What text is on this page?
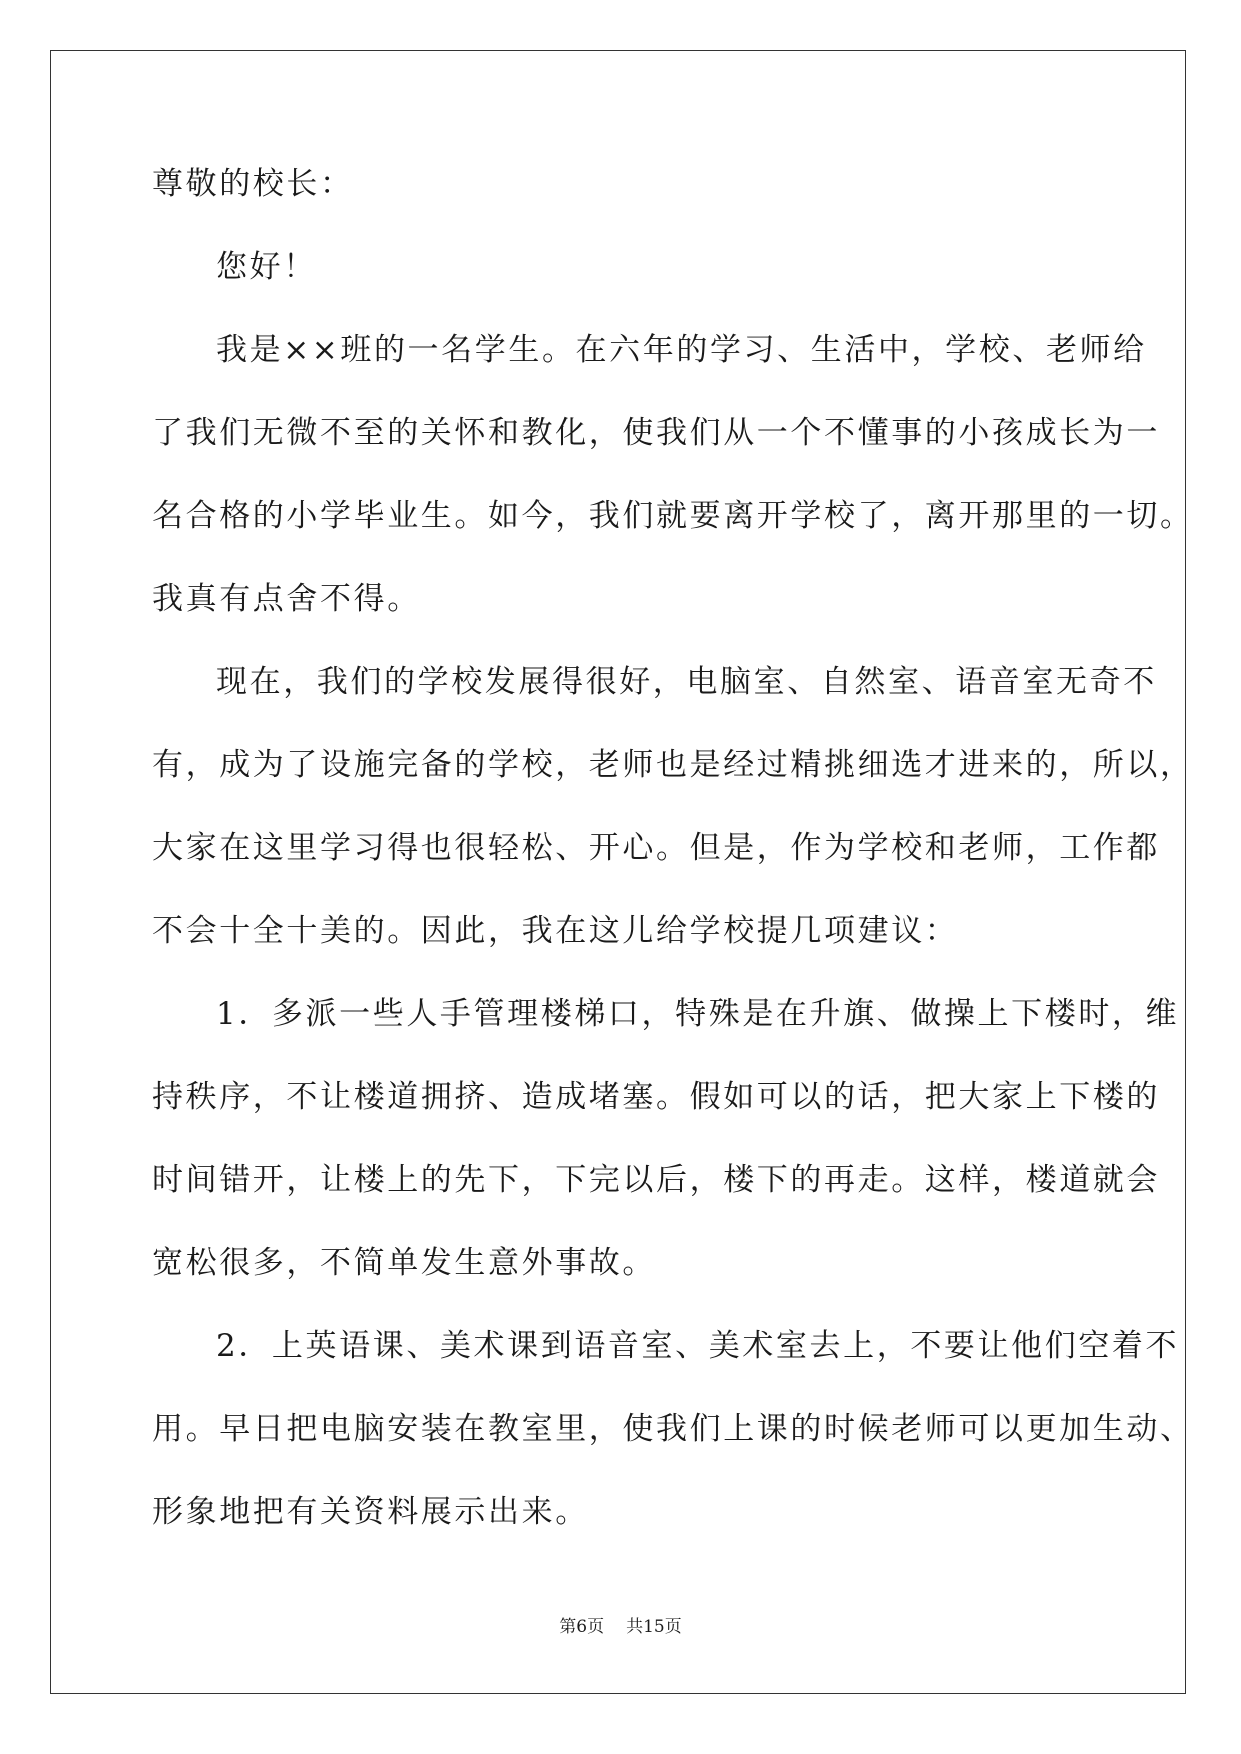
尊敬的校长：

您好！

我是××班的一名学生。在六年的学习、生活中，学校、老师给

了我们无微不至的关怀和教化，使我们从一个不懂事的小孩成长为一

名合格的小学毕业生。如今，我们就要离开学校了，离开那里的一切。

我真有点舍不得。

现在，我们的学校发展得很好，电脑室、自然室、语音室无奇不

有，成为了设施完备的学校，老师也是经过精挑细选才进来的，所以，

大家在这里学习得也很轻松、开心。但是，作为学校和老师，工作都

不会十全十美的。因此，我在这儿给学校提几项建议：

1．多派一些人手管理楼梯口，特殊是在升旗、做操上下楼时，维

持秩序，不让楼道拥挤、造成堵塞。假如可以的话，把大家上下楼的

时间错开，让楼上的先下，下完以后，楼下的再走。这样，楼道就会

宽松很多，不简单发生意外事故。

2．上英语课、美术课到语音室、美术室去上，不要让他们空着不

用。早日把电脑安装在教室里，使我们上课的时候老师可以更加生动、

形象地把有关资料展示出来。

第6页 共15页
